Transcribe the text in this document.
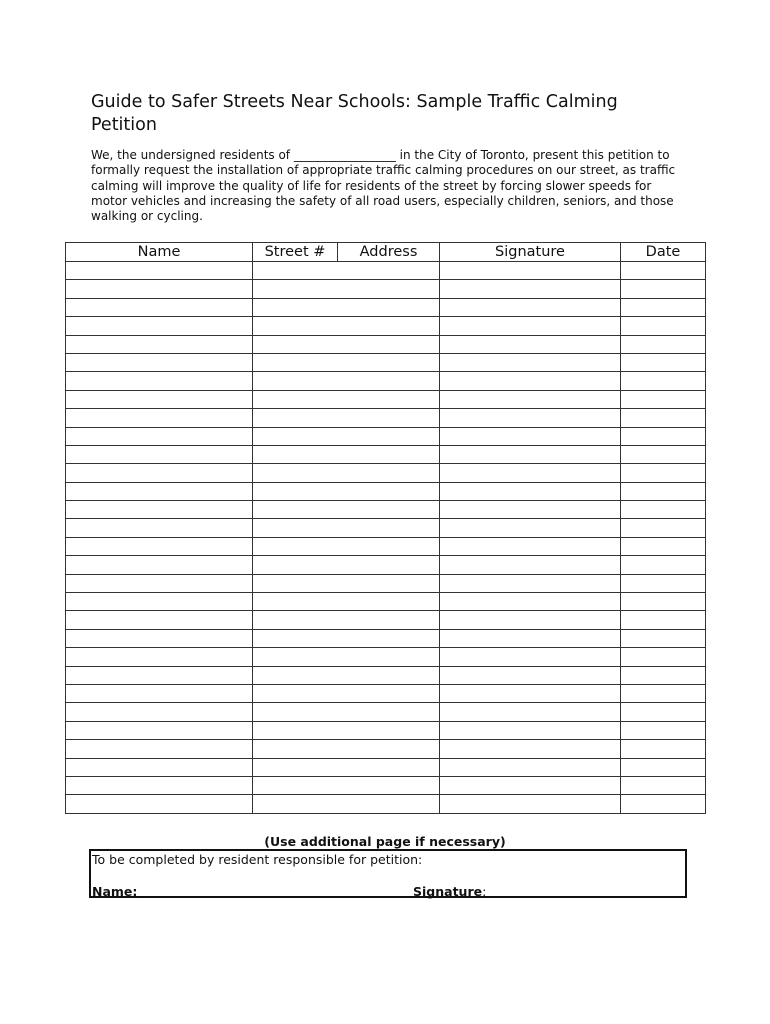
Guide to Safer Streets Near Schools: Sample Traffic Calming Petition

We, the undersigned residents of _________________ in the City of Toronto, present this petition to formally request the installation of appropriate traffic calming procedures on our street, as traffic calming will improve the quality of life for residents of the street by forcing slower speeds for motor vehicles and increasing the safety of all road users, especially children, seniors, and those walking or cycling.

Name	Street #	Address	Signature	Date

(Use additional page if necessary)

To be completed by resident responsible for petition:
Name:	Signature:
